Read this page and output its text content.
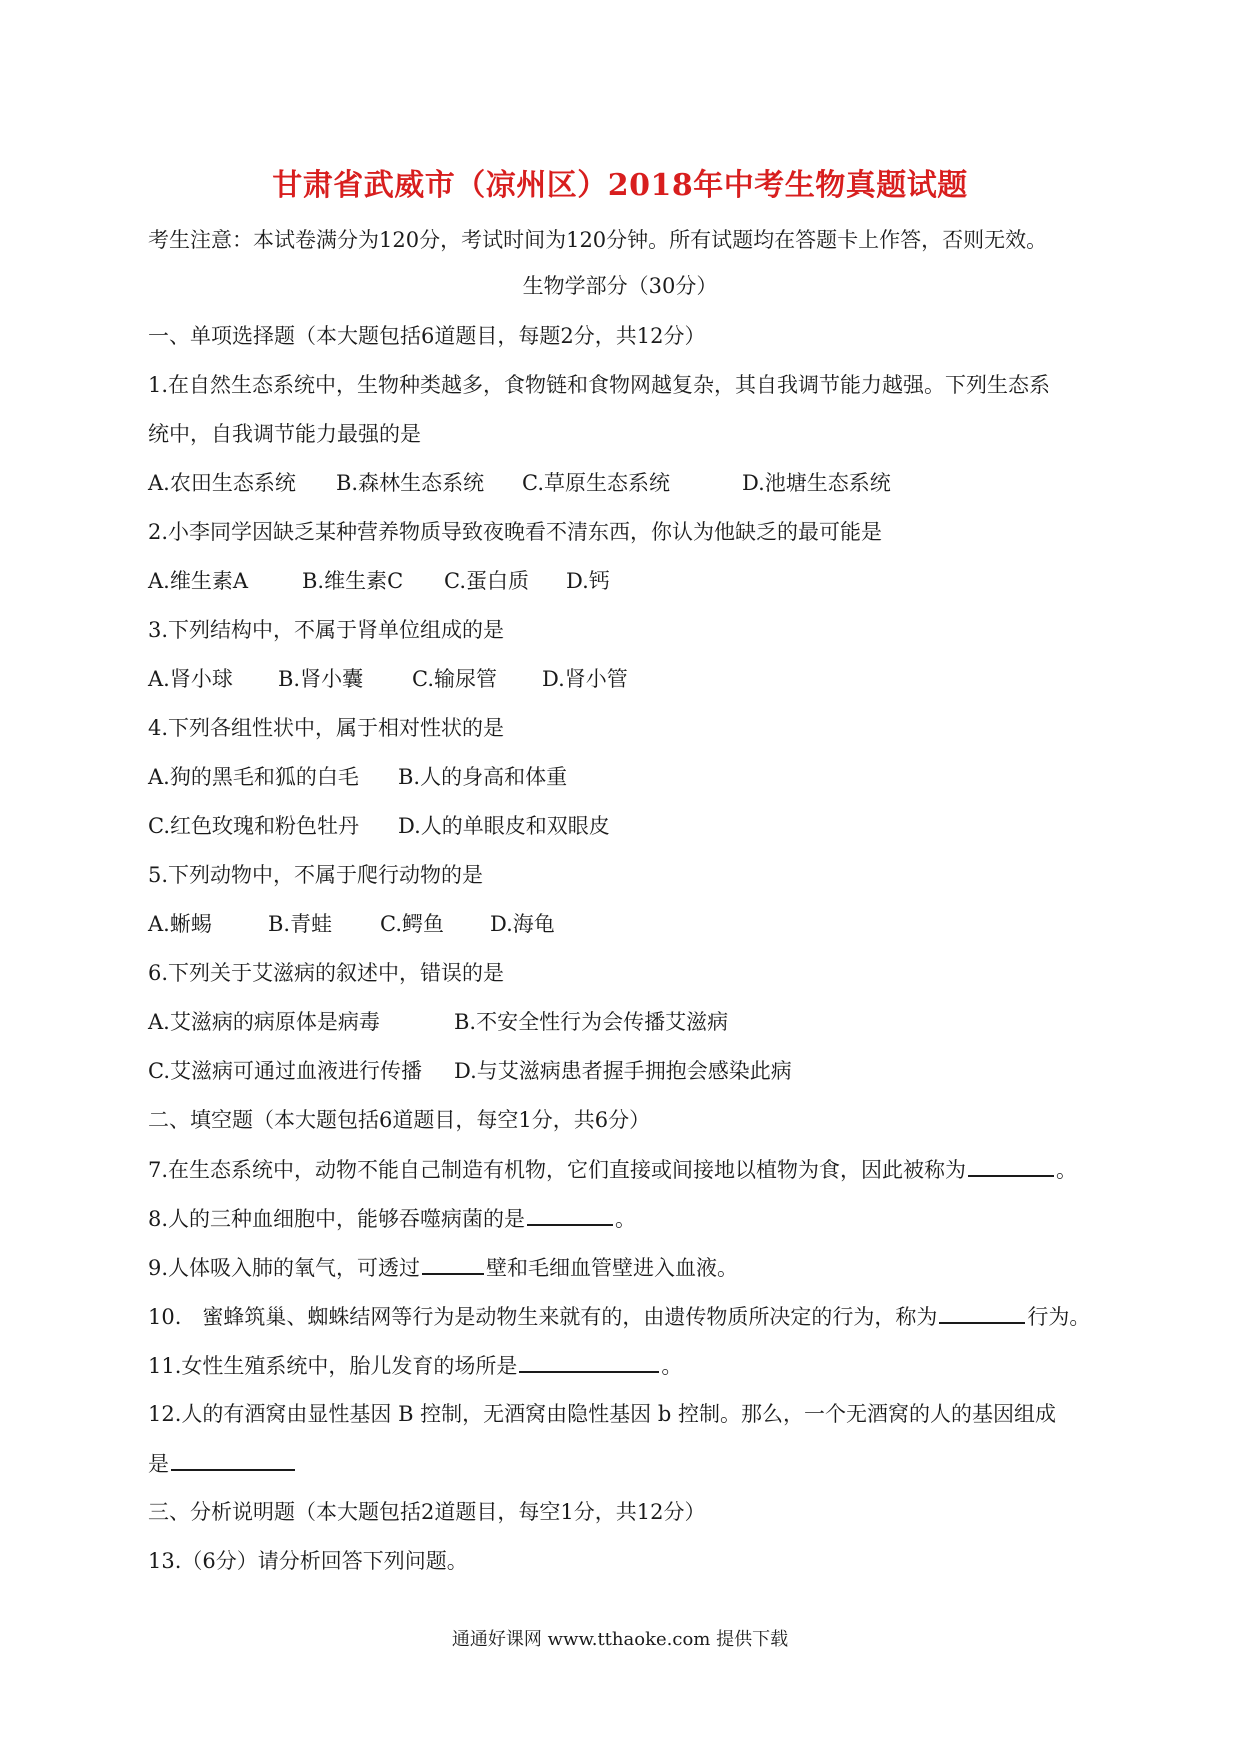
甘肃省武威市（凉州区）2018年中考生物真题试题
考生注意：本试卷满分为120分，考试时间为120分钟。所有试题均在答题卡上作答，否则无效。
生物学部分（30分）
一、单项选择题（本大题包括6道题目，每题2分，共12分）
1.在自然生态系统中，生物种类越多，食物链和食物网越复杂，其自我调节能力越强。下列生态系
统中，自我调节能力最强的是
A.农田生态系统 B.森林生态系统 C.草原生态系统	D.池塘生态系统
2.小李同学因缺乏某种营养物质导致夜晚看不清东西，你认为他缺乏的最可能是
A.维生素A	B.维生素C C.蛋白质 D.钙
3.下列结构中，不属于肾单位组成的是
A.肾小球 B.肾小囊 C.输尿管 D.肾小管
4.下列各组性状中，属于相对性状的是
A.狗的黑毛和狐的白毛 B.人的身高和体重
C.红色玫瑰和粉色牡丹 D.人的单眼皮和双眼皮
5.下列动物中，不属于爬行动物的是
A.蜥蜴	B.青蛙 C.鳄鱼 D.海龟
6.下列关于艾滋病的叙述中，错误的是
A.艾滋病的病原体是病毒	B.不安全性行为会传播艾滋病
C.艾滋病可通过血液进行传播 D.与艾滋病患者握手拥抱会感染此病
二、填空题（本大题包括6道题目，每空1分，共6分）
7.在生态系统中，动物不能自己制造有机物，它们直接或间接地以植物为食，因此被称为	。
8.人的三种血细胞中，能够吞噬病菌的是	。
9.人体吸入肺的氧气，可透过	壁和毛细血管壁进入血液。
10.　蜜蜂筑巢、蜘蛛结网等行为是动物生来就有的，由遗传物质所决定的行为，称为	行为。
11.女性生殖系统中，胎儿发育的场所是	。
12.人的有酒窝由显性基因 B 控制，无酒窝由隐性基因 b 控制。那么，一个无酒窝的人的基因组成
是
三、分析说明题（本大题包括2道题目，每空1分，共12分）
13.（6分）请分析回答下列问题。
通通好课网 www.tthaoke.com 提供下载
